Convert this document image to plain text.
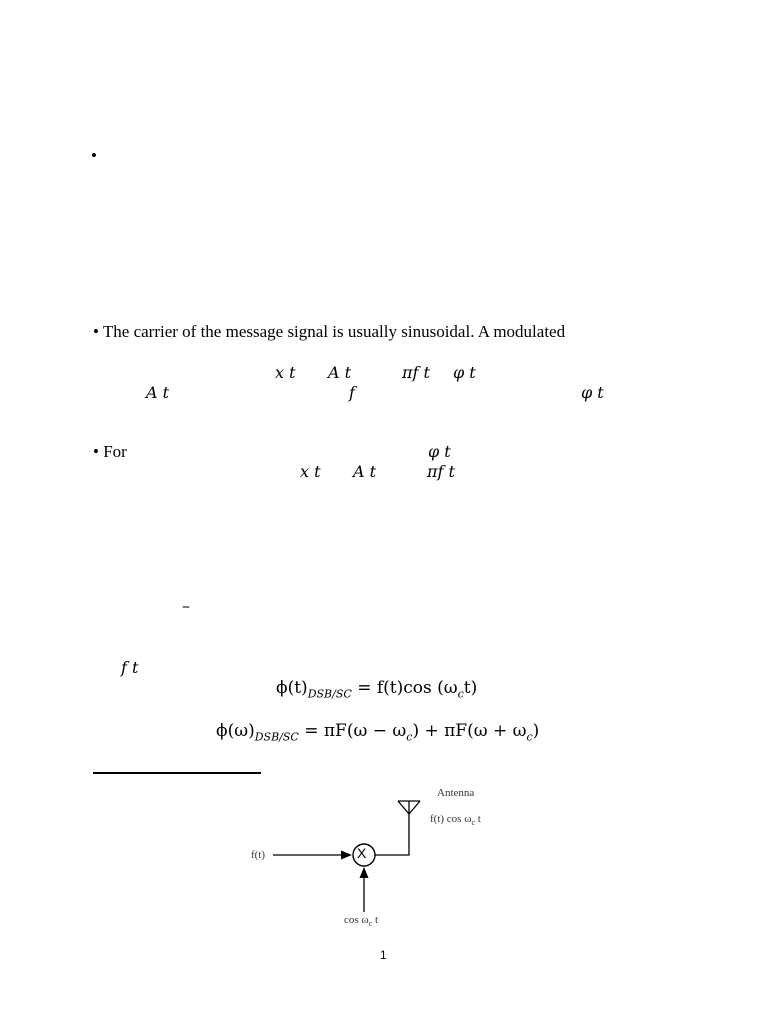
•
• The carrier of the message signal is usually sinusoidal. A modulated
• For
x t A t	πf t φ t
A t	f	φ t
φ t
x t A t	πf t
–
f t
$\phi(t)_{DSB/SC} = f(t)\cos$ $(\omega_ct)$
$\phi(\omega)_{DSB/SC} = \pi F(\omega - \omega_c) + \pi F(\omega + \omega_c)$
X
Antenna
f(t) $\cos \omega_c$ t
f(t)
$\cos \omega_c$ t
1
